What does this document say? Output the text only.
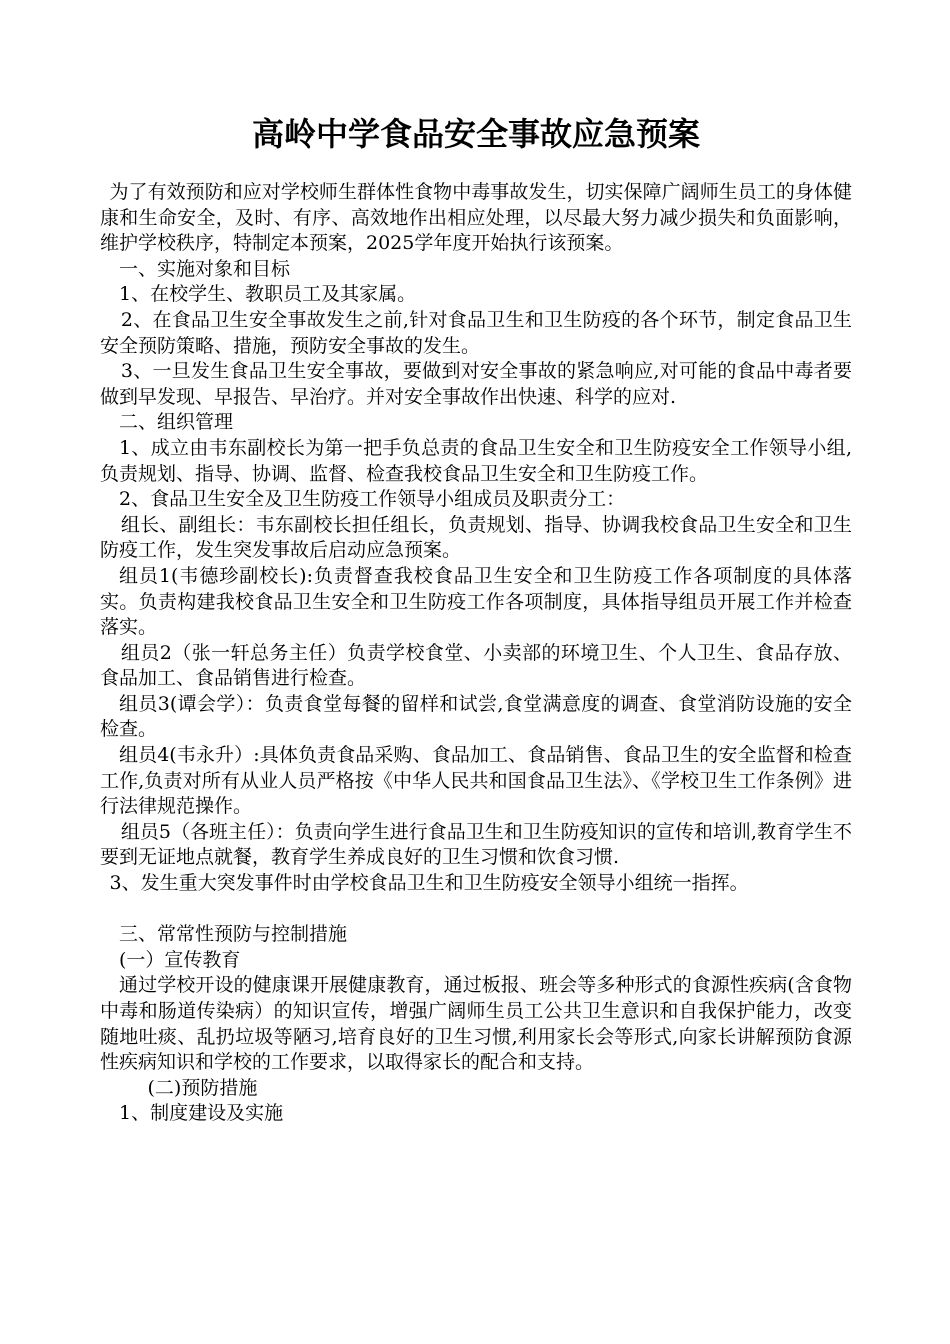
高岭中学食品安全事故应急预案

为了有效预防和应对学校师生群体性食物中毒事故发生，切实保障广阔师生员工的身体健康和生命安全，及时、有序、高效地作出相应处理，以尽最大努力减少损失和负面影响，维护学校秩序，特制定本预案，2025学年度开始执行该预案。

一、实施对象和目标

1、在校学生、教职员工及其家属。

2、在食品卫生安全事故发生之前,针对食品卫生和卫生防疫的各个环节，制定食品卫生安全预防策略、措施，预防安全事故的发生。

3、一旦发生食品卫生安全事故，要做到对安全事故的紧急响应,对可能的食品中毒者要做到早发现、早报告、早治疗。并对安全事故作出快速、科学的应对.

二、组织管理

1、成立由韦东副校长为第一把手负总责的食品卫生安全和卫生防疫安全工作领导小组,负责规划、指导、协调、监督、检查我校食品卫生安全和卫生防疫工作。

2、食品卫生安全及卫生防疫工作领导小组成员及职责分工：

组长、副组长：韦东副校长担任组长，负责规划、指导、协调我校食品卫生安全和卫生防疫工作，发生突发事故后启动应急预案。

组员1(韦德珍副校长):负责督查我校食品卫生安全和卫生防疫工作各项制度的具体落实。负责构建我校食品卫生安全和卫生防疫工作各项制度，具体指导组员开展工作并检查落实。

组员2（张一轩总务主任）负责学校食堂、小卖部的环境卫生、个人卫生、食品存放、食品加工、食品销售进行检查。

组员3(谭会学）：负责食堂每餐的留样和试尝,食堂满意度的调查、食堂消防设施的安全检查。

组员4(韦永升）:具体负责食品采购、食品加工、食品销售、食品卫生的安全监督和检查工作,负责对所有从业人员严格按《中华人民共和国食品卫生法》、《学校卫生工作条例》进行法律规范操作。

组员5（各班主任）：负责向学生进行食品卫生和卫生防疫知识的宣传和培训,教育学生不要到无证地点就餐，教育学生养成良好的卫生习惯和饮食习惯.

3、发生重大突发事件时由学校食品卫生和卫生防疫安全领导小组统一指挥。

三、常常性预防与控制措施

(一）宣传教育

通过学校开设的健康课开展健康教育，通过板报、班会等多种形式的食源性疾病(含食物中毒和肠道传染病）的知识宣传，增强广阔师生员工公共卫生意识和自我保护能力，改变随地吐痰、乱扔垃圾等陋习,培育良好的卫生习惯,利用家长会等形式,向家长讲解预防食源性疾病知识和学校的工作要求，以取得家长的配合和支持。

(二)预防措施

1、制度建设及实施
